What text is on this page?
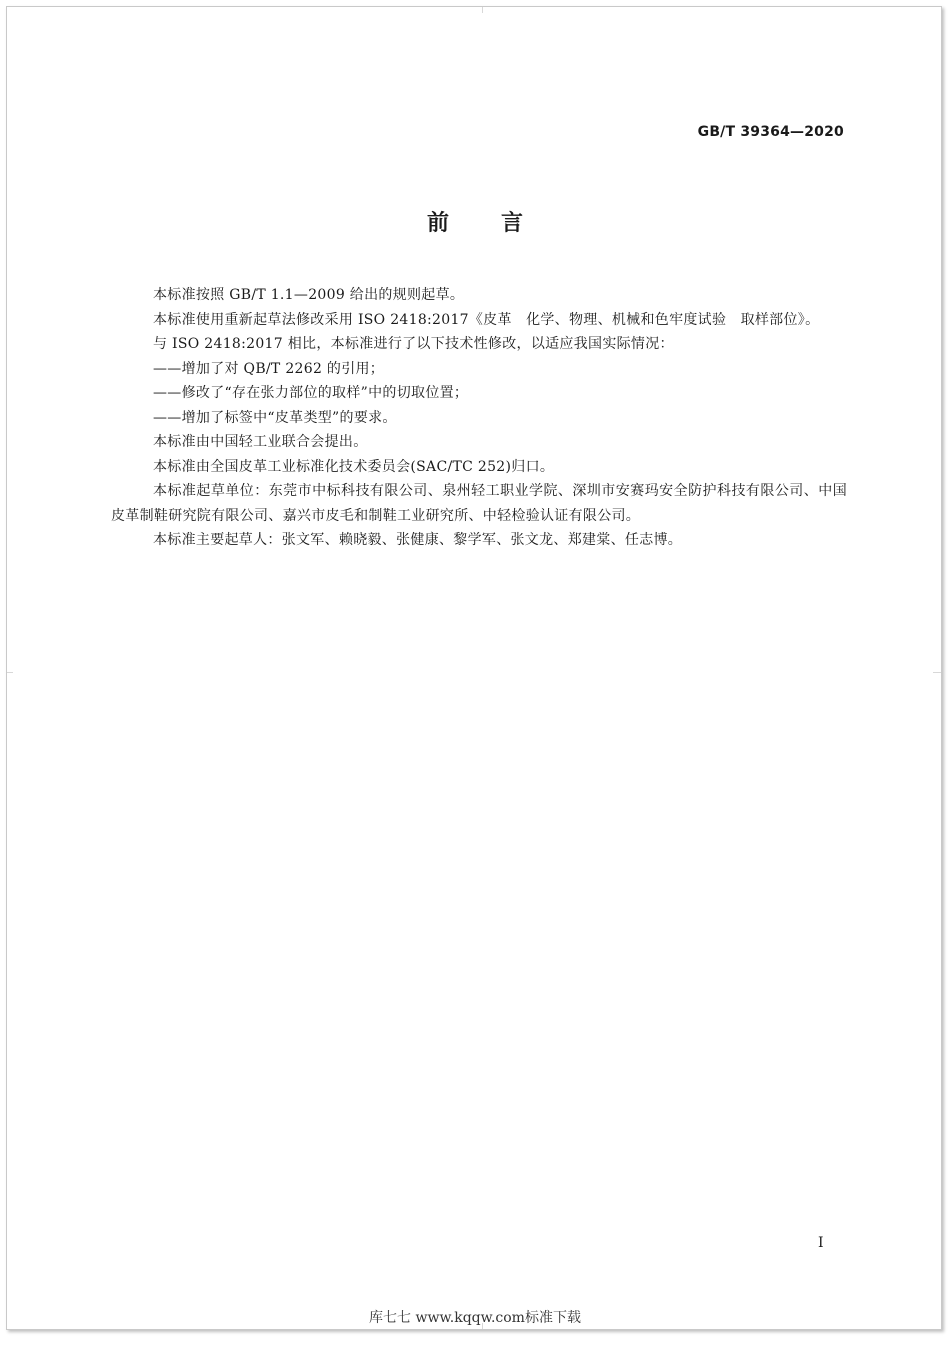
GB/T 39364—2020
前言

本标准按照 GB/T 1.1—2009 给出的规则起草。

本标准使用重新起草法修改采用 ISO 2418:2017《皮革　化学、物理、机械和色牢度试验　取样部位》。

与 ISO 2418:2017 相比，本标准进行了以下技术性修改，以适应我国实际情况：

——增加了对 QB/T 2262 的引用；

——修改了“存在张力部位的取样”中的切取位置；

——增加了标签中“皮革类型”的要求。

本标准由中国轻工业联合会提出。

本标准由全国皮革工业标准化技术委员会(SAC/TC 252)归口。

本标准起草单位：东莞市中标科技有限公司、泉州轻工职业学院、深圳市安赛玛安全防护科技有限公司、中国皮革制鞋研究院有限公司、嘉兴市皮毛和制鞋工业研究所、中轻检验认证有限公司。

本标准主要起草人：张文军、赖晓毅、张健康、黎学军、张文龙、郑建棠、任志博。

I
库七七 www.kqqw.com标准下载
